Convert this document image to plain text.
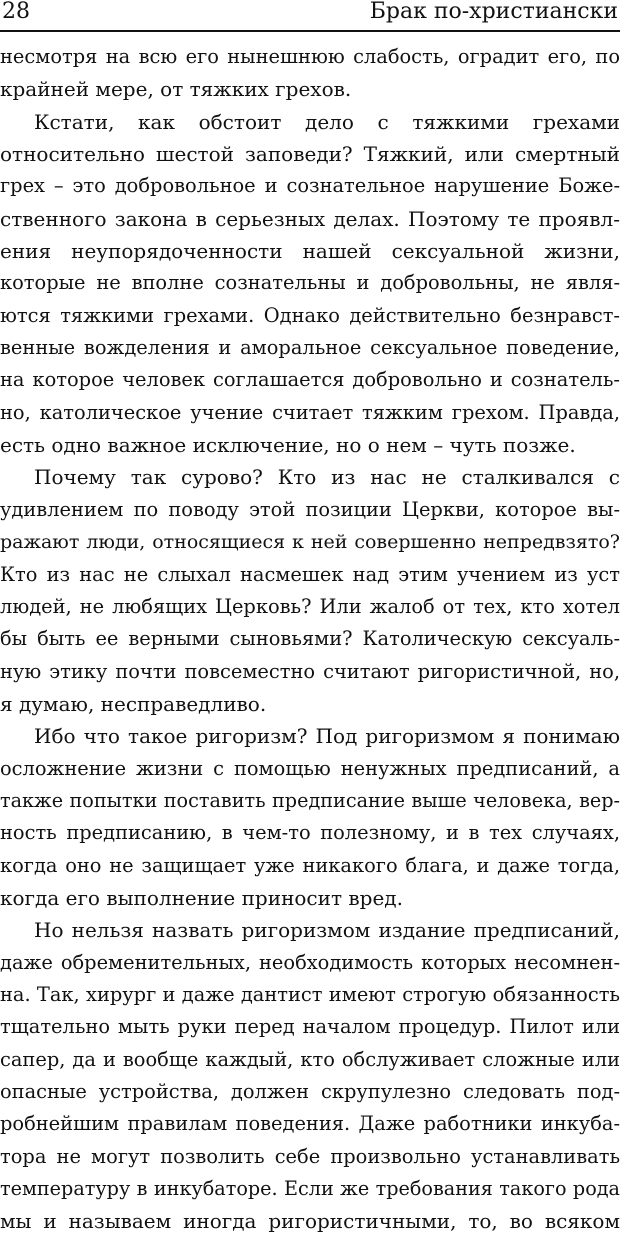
28	Брак по-христиански
несмотря на всю его нынешнюю слабость, оградит его, по
крайней мере, от тяжких грехов.
Кстати, как обстоит дело с тяжкими грехами
относительно шестой заповеди? Тяжкий, или смертный
грех – это добровольное и сознательное нарушение Боже-
ственного закона в серьезных делах. Поэтому те проявл-
ения неупорядоченности нашей сексуальной жизни,
которые не вполне сознательны и добровольны, не явля-
ются тяжкими грехами. Однако действительно безнравст-
венные вожделения и аморальное сексуальное поведение,
на которое человек соглашается добровольно и сознатель-
но, католическое учение считает тяжким грехом. Правда,
есть одно важное исключение, но о нем – чуть позже.
Почему так сурово? Кто из нас не сталкивался с
удивлением по поводу этой позиции Церкви, которое вы-
ражают люди, относящиеся к ней совершенно непредвзято?
Кто из нас не слыхал насмешек над этим учением из уст
людей, не любящих Церковь? Или жалоб от тех, кто хотел
бы быть ее верными сыновьями? Католическую сексуаль-
ную этику почти повсеместно считают ригористичной, но,
я думаю, несправедливо.
Ибо что такое ригоризм? Под ригоризмом я понимаю
осложнение жизни с помощью ненужных предписаний, а
также попытки поставить предписание выше человека, вер-
ность предписанию, в чем-то полезному, и в тех случаях,
когда оно не защищает уже никакого блага, и даже тогда,
когда его выполнение приносит вред.
Но нельзя назвать ригоризмом издание предписаний,
даже обременительных, необходимость которых несомнен-
на. Так, хирург и даже дантист имеют строгую обязанность
тщательно мыть руки перед началом процедур. Пилот или
сапер, да и вообще каждый, кто обслуживает сложные или
опасные устройства, должен скрупулезно следовать под-
робнейшим правилам поведения. Даже работники инкуба-
тора не могут позволить себе произвольно устанавливать
температуру в инкубаторе. Если же требования такого рода
мы и называем иногда ригористичными, то, во всяком
